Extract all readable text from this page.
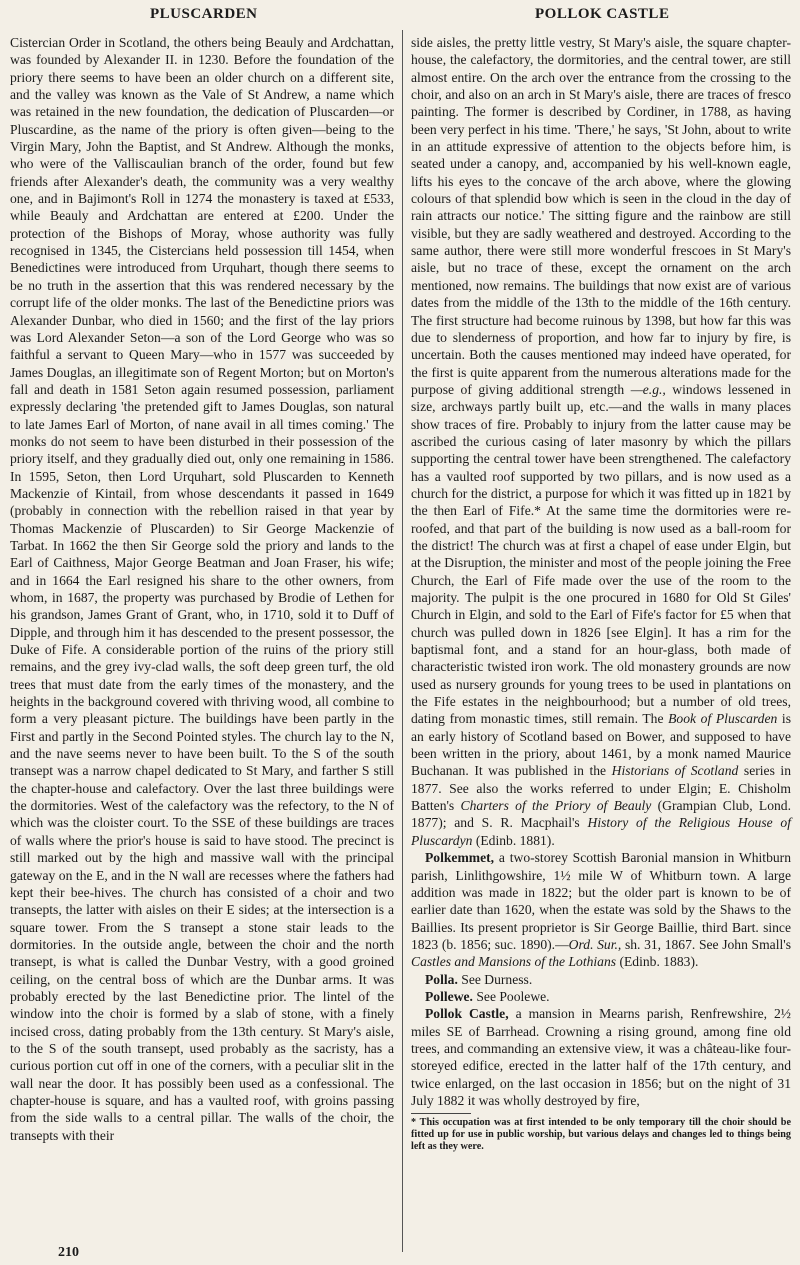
PLUSCARDEN	POLLOK CASTLE

Cistercian Order in Scotland, the others being Beauly and Ardchattan, was founded by Alexander II. in 1230. Before the foundation of the priory there seems to have been an older church on a different site, and the valley was known as the Vale of St Andrew, a name which was retained in the new foundation, the dedication of Pluscarden—or Pluscardine, as the name of the priory is often given—being to the Virgin Mary, John the Baptist, and St Andrew. Although the monks, who were of the Valliscaulian branch of the order, found but few friends after Alexander's death, the community was a very wealthy one, and in Bajimont's Roll in 1274 the monastery is taxed at £533, while Beauly and Ardchattan are entered at £200. Under the protection of the Bishops of Moray, whose authority was fully recognised in 1345, the Cistercians held possession till 1454, when Benedictines were introduced from Urquhart, though there seems to be no truth in the assertion that this was rendered necessary by the corrupt life of the older monks. The last of the Benedictine priors was Alexander Dunbar, who died in 1560; and the first of the lay priors was Lord Alexander Seton—a son of the Lord George who was so faithful a servant to Queen Mary—who in 1577 was succeeded by James Douglas, an illegitimate son of Regent Morton; but on Morton's fall and death in 1581 Seton again resumed possession, parliament expressly declaring 'the pretended gift to James Douglas, son natural to late James Earl of Morton, of nane avail in all times coming.' The monks do not seem to have been disturbed in their possession of the priory itself, and they gradually died out, only one remaining in 1586. In 1595, Seton, then Lord Urquhart, sold Pluscarden to Kenneth Mackenzie of Kintail, from whose descendants it passed in 1649 (probably in connection with the rebellion raised in that year by Thomas Mackenzie of Pluscarden) to Sir George Mackenzie of Tarbat. In 1662 the then Sir George sold the priory and lands to the Earl of Caithness, Major George Beatman and Joan Fraser, his wife; and in 1664 the Earl resigned his share to the other owners, from whom, in 1687, the property was purchased by Brodie of Lethen for his grandson, James Grant of Grant, who, in 1710, sold it to Duff of Dipple, and through him it has descended to the present possessor, the Duke of Fife. A considerable portion of the ruins of the priory still remains, and the grey ivy-clad walls, the soft deep green turf, the old trees that must date from the early times of the monastery, and the heights in the background covered with thriving wood, all combine to form a very pleasant picture. The buildings have been partly in the First and partly in the Second Pointed styles. The church lay to the N, and the nave seems never to have been built. To the S of the south transept was a narrow chapel dedicated to St Mary, and farther S still the chapter-house and calefactory. Over the last three buildings were the dormitories. West of the calefactory was the refectory, to the N of which was the cloister court. To the SSE of these buildings are traces of walls where the prior's house is said to have stood. The precinct is still marked out by the high and massive wall with the principal gateway on the E, and in the N wall are recesses where the fathers had kept their bee-hives. The church has consisted of a choir and two transepts, the latter with aisles on their E sides; at the intersection is a square tower. From the S transept a stone stair leads to the dormitories. In the outside angle, between the choir and the north transept, is what is called the Dunbar Vestry, with a good groined ceiling, on the central boss of which are the Dunbar arms. It was probably erected by the last Benedictine prior. The lintel of the window into the choir is formed by a slab of stone, with a finely incised cross, dating probably from the 13th century. St Mary's aisle, to the S of the south transept, used probably as the sacristy, has a curious portion cut off in one of the corners, with a peculiar slit in the wall near the door. It has possibly been used as a confessional. The chapter-house is square, and has a vaulted roof, with groins passing from the side walls to a central pillar. The walls of the choir, the transepts with their

side aisles, the pretty little vestry, St Mary's aisle, the square chapter-house, the calefactory, the dormitories, and the central tower, are still almost entire. On the arch over the entrance from the crossing to the choir, and also on an arch in St Mary's aisle, there are traces of fresco painting. The former is described by Cordiner, in 1788, as having been very perfect in his time. 'There,' he says, 'St John, about to write in an attitude expressive of attention to the objects before him, is seated under a canopy, and, accompanied by his well-known eagle, lifts his eyes to the concave of the arch above, where the glowing colours of that splendid bow which is seen in the cloud in the day of rain attracts our notice.' The sitting figure and the rainbow are still visible, but they are sadly weathered and destroyed. According to the same author, there were still more wonderful frescoes in St Mary's aisle, but no trace of these, except the ornament on the arch mentioned, now remains. The buildings that now exist are of various dates from the middle of the 13th to the middle of the 16th century. The first structure had become ruinous by 1398, but how far this was due to slenderness of proportion, and how far to injury by fire, is uncertain. Both the causes mentioned may indeed have operated, for the first is quite apparent from the numerous alterations made for the purpose of giving additional strength —e.g., windows lessened in size, archways partly built up, etc.—and the walls in many places show traces of fire. Probably to injury from the latter cause may be ascribed the curious casing of later masonry by which the pillars supporting the central tower have been strengthened. The calefactory has a vaulted roof supported by two pillars, and is now used as a church for the district, a purpose for which it was fitted up in 1821 by the then Earl of Fife.* At the same time the dormitories were re-roofed, and that part of the building is now used as a ball-room for the district! The church was at first a chapel of ease under Elgin, but at the Disruption, the minister and most of the people joining the Free Church, the Earl of Fife made over the use of the room to the majority. The pulpit is the one procured in 1680 for Old St Giles' Church in Elgin, and sold to the Earl of Fife's factor for £5 when that church was pulled down in 1826 [see Elgin]. It has a rim for the baptismal font, and a stand for an hour-glass, both made of characteristic twisted iron work. The old monastery grounds are now used as nursery grounds for young trees to be used in plantations on the Fife estates in the neighbourhood; but a number of old trees, dating from monastic times, still remain. The Book of Pluscarden is an early history of Scotland based on Bower, and supposed to have been written in the priory, about 1461, by a monk named Maurice Buchanan. It was published in the Historians of Scotland series in 1877. See also the works referred to under Elgin; E. Chisholm Batten's Charters of the Priory of Beauly (Grampian Club, Lond. 1877); and S. R. Macphail's History of the Religious House of Pluscardyn (Edinb. 1881).

Polkemmet, a two-storey Scottish Baronial mansion in Whitburn parish, Linlithgowshire, 1½ mile W of Whitburn town. A large addition was made in 1822; but the older part is known to be of earlier date than 1620, when the estate was sold by the Shaws to the Baillies. Its present proprietor is Sir George Baillie, third Bart. since 1823 (b. 1856; suc. 1890).—Ord. Sur., sh. 31, 1867. See John Small's Castles and Mansions of the Lothians (Edinb. 1883).

Polla. See Durness.

Pollewe. See Poolewe.

Pollok Castle, a mansion in Mearns parish, Renfrewshire, 2½ miles SE of Barrhead. Crowning a rising ground, among fine old trees, and commanding an extensive view, it was a château-like four-storeyed edifice, erected in the latter half of the 17th century, and twice enlarged, on the last occasion in 1856; but on the night of 31 July 1882 it was wholly destroyed by fire,

* This occupation was at first intended to be only temporary till the choir should be fitted up for use in public worship, but various delays and changes led to things being left as they were.

210
